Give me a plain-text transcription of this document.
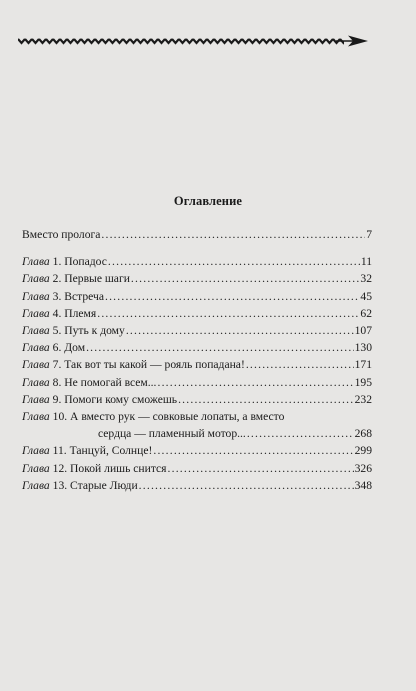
Оглавление
Вместо пролога .....	7
Глава 1. Попадос .....	11
Глава 2. Первые шаги .....	32
Глава 3. Встреча .....	45
Глава 4. Племя .....	62
Глава 5. Путь к дому .....	107
Глава 6. Дом .....	130
Глава 7. Так вот ты какой — рояль попадана! .....	171
Глава 8. Не помогай всем... .....	195
Глава 9. Помоги кому сможешь .....	232
Глава 10. А вместо рук — совковые лопаты, а вместо
сердца — пламенный мотор... .....	268
Глава 11. Танцуй, Солнце! .....	299
Глава 12. Покой лишь снится .....	326
Глава 13. Старые Люди .....	348
